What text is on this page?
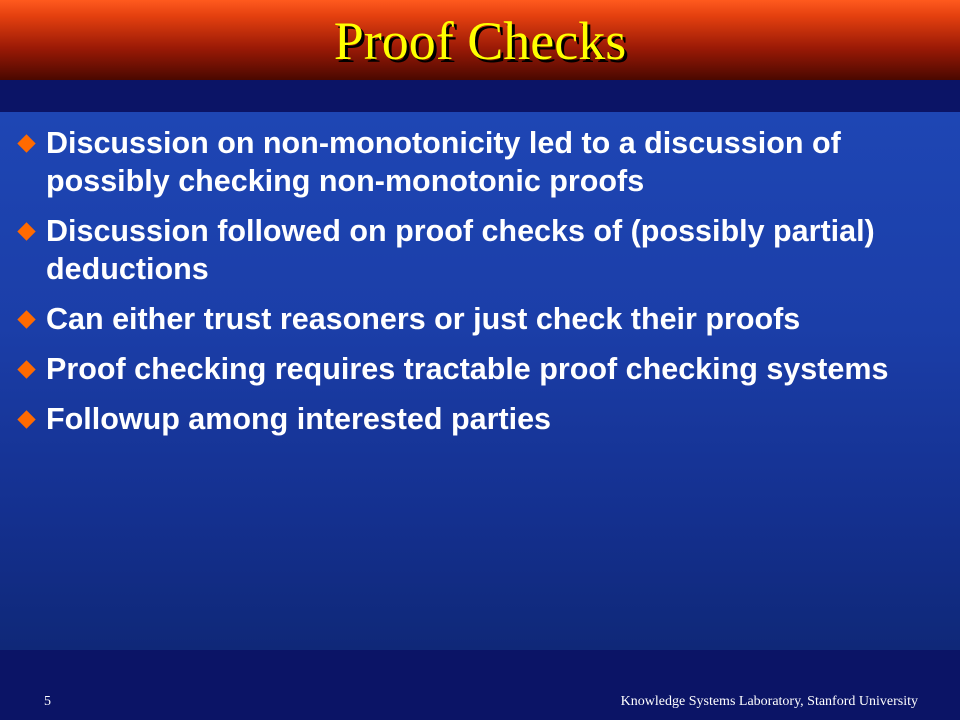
Proof Checks
Discussion on non-monotonicity led to a discussion of possibly checking non-monotonic proofs
Discussion followed on proof checks of (possibly partial) deductions
Can either trust reasoners or just check their proofs
Proof checking requires tractable proof checking systems
Followup among interested parties
5	Knowledge Systems Laboratory, Stanford University
